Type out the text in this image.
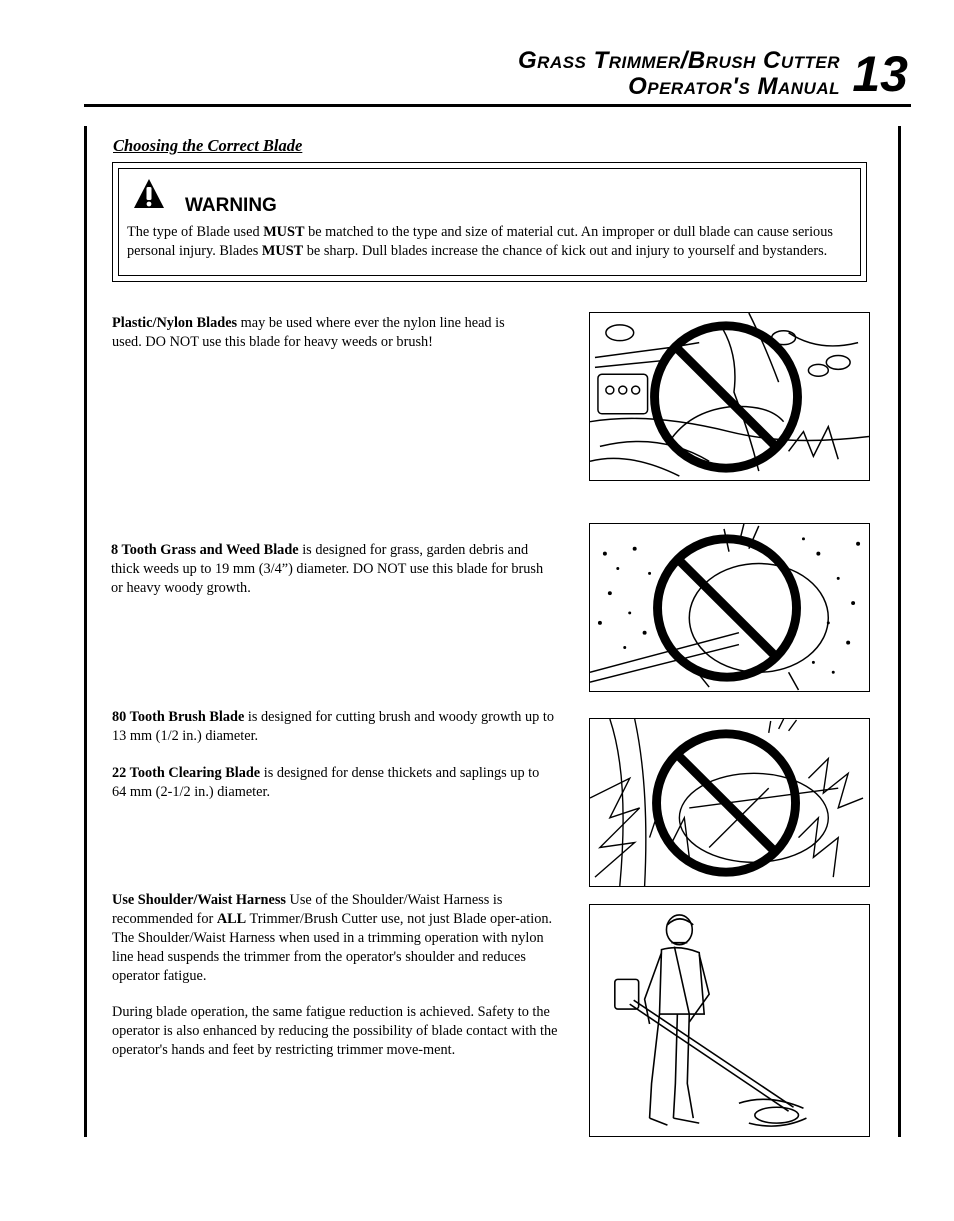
Grass Trimmer/Brush Cutter
Operator's Manual 13
Choosing the Correct Blade
WARNING
The type of Blade used MUST be matched to the type and size of material cut. An improper or dull blade can cause serious personal injury. Blades MUST be sharp. Dull blades increase the chance of kick out and injury to yourself and bystanders.
Plastic/Nylon Blades may be used where ever the nylon line head is used. DO NOT use this blade for heavy weeds or brush!
8 Tooth Grass and Weed Blade is designed for grass, garden debris and thick weeds up to 19 mm (3/4”) diameter. DO NOT use this blade for brush or heavy woody growth.
80 Tooth Brush Blade is designed for cutting brush and woody growth up to 13 mm (1/2 in.) diameter.
22 Tooth Clearing Blade is designed for dense thickets and saplings up to 64 mm (2-1/2 in.) diameter.
Use Shoulder/Waist Harness Use of the Shoulder/Waist Harness is recommended for ALL Trimmer/Brush Cutter use, not just Blade oper-ation. The Shoulder/Waist Harness when used in a trimming operation with nylon line head suspends the trimmer from the operator's shoulder and reduces operator fatigue.
During blade operation, the same fatigue reduction is achieved. Safety to the operator is also enhanced by reducing the possibility of blade contact with the operator's hands and feet by restricting trimmer move-ment.
